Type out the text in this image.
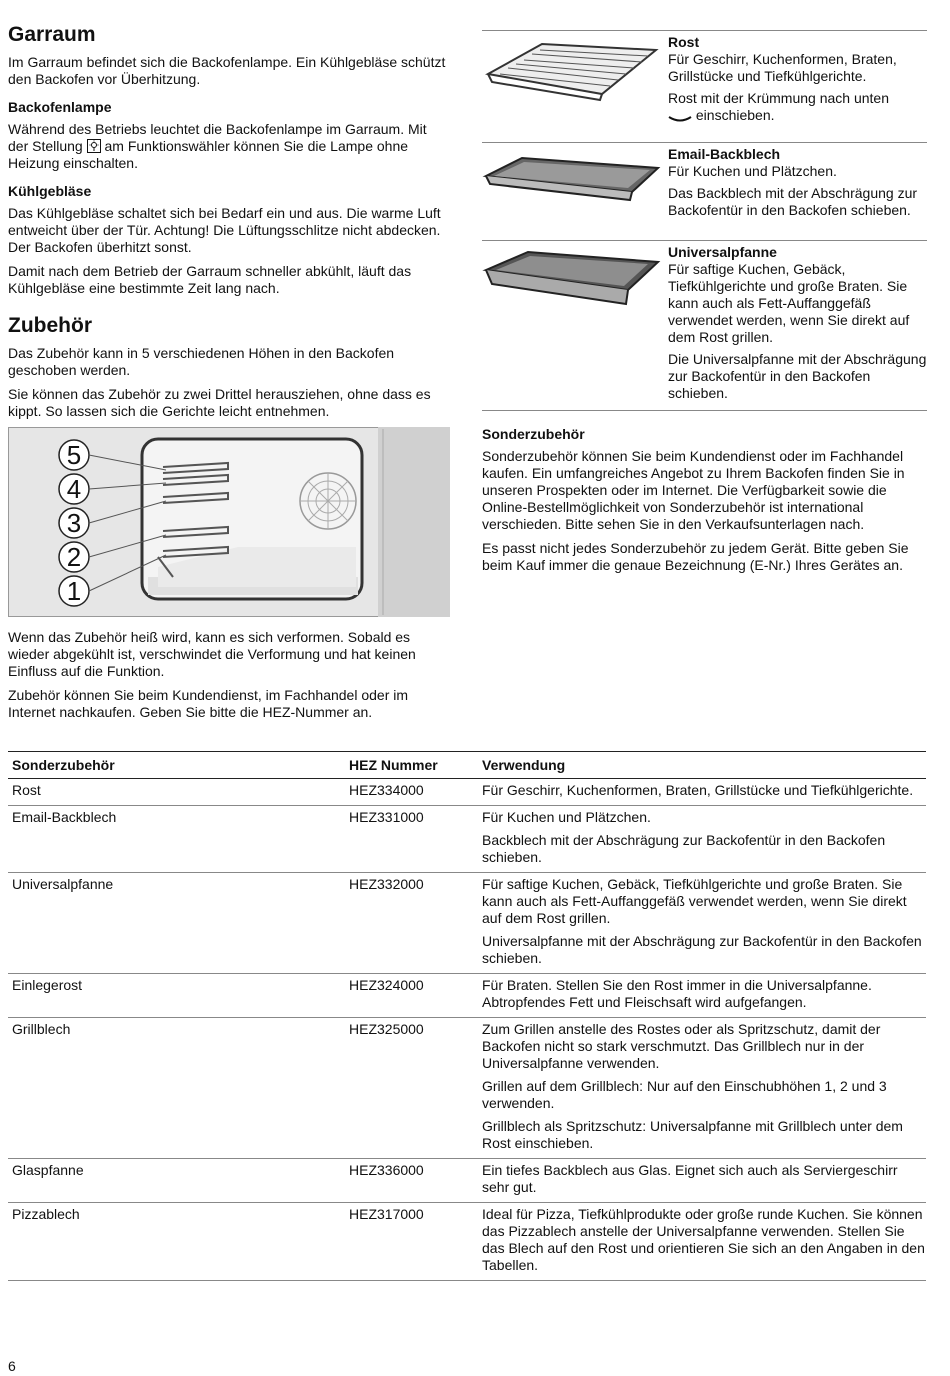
Garraum

Im Garraum befindet sich die Backofenlampe. Ein Kühlgebläse schützt den Backofen vor Überhitzung.

Backofenlampe

Während des Betriebs leuchtet die Backofenlampe im Garraum. Mit der Stellung am Funktionswähler können Sie die Lampe ohne Heizung einschalten.

Kühlgebläse

Das Kühlgebläse schaltet sich bei Bedarf ein und aus. Die warme Luft entweicht über der Tür. Achtung! Die Lüftungsschlitze nicht abdecken. Der Backofen überhitzt sonst.

Damit nach dem Betrieb der Garraum schneller abkühlt, läuft das Kühlgebläse eine bestimmte Zeit lang nach.

Zubehör

Das Zubehör kann in 5 verschiedenen Höhen in den Backofen geschoben werden.

Sie können das Zubehör zu zwei Drittel herausziehen, ohne dass es kippt. So lassen sich die Gerichte leicht entnehmen.

5
4
3
2
1

Wenn das Zubehör heiß wird, kann es sich verformen. Sobald es wieder abgekühlt ist, verschwindet die Verformung und hat keinen Einfluss auf die Funktion.

Zubehör können Sie beim Kundendienst, im Fachhandel oder im Internet nachkaufen. Geben Sie bitte die HEZ-Nummer an.

Rost

Für Geschirr, Kuchenformen, Braten, Grillstücke und Tiefkühlgerichte.

Rost mit der Krümmung nach unten
einschieben.

Email-Backblech

Für Kuchen und Plätzchen.

Das Backblech mit der Abschrägung zur Backofentür in den Backofen schieben.

Universalpfanne

Für saftige Kuchen, Gebäck, Tiefkühlgerichte und große Braten. Sie kann auch als Fett-Auffanggefäß verwendet werden, wenn Sie direkt auf dem Rost grillen.

Die Universalpfanne mit der Abschrägung zur Backofentür in den Backofen schieben.

Sonderzubehör

Sonderzubehör können Sie beim Kundendienst oder im Fachhandel kaufen. Ein umfangreiches Angebot zu Ihrem Backofen finden Sie in unseren Prospekten oder im Internet. Die Verfügbarkeit sowie die Online-Bestellmöglichkeit von Sonderzubehör ist international verschieden. Bitte sehen Sie in den Verkaufsunterlagen nach.

Es passt nicht jedes Sonderzubehör zu jedem Gerät. Bitte geben Sie beim Kauf immer die genaue Bezeichnung (E-Nr.) Ihres Gerätes an.

Sonderzubehör	HEZ Nummer	Verwendung
Rost	HEZ334000	Für Geschirr, Kuchenformen, Braten, Grillstücke und Tiefkühlgerichte.

Email-Backblech	HEZ331000	Für Kuchen und Plätzchen.

Backblech mit der Abschrägung zur Backofentür in den Backofen schieben.

Universalpfanne	HEZ332000	Für saftige Kuchen, Gebäck, Tiefkühlgerichte und große Braten. Sie kann auch als Fett-Auffanggefäß verwendet werden, wenn Sie direkt auf dem Rost grillen.

Universalpfanne mit der Abschrägung zur Backofentür in den Backofen schieben.

Einlegerost	HEZ324000	Für Braten. Stellen Sie den Rost immer in die Universalpfanne. Abtropfendes Fett und Fleischsaft wird aufgefangen.

Grillblech	HEZ325000	Zum Grillen anstelle des Rostes oder als Spritzschutz, damit der Backofen nicht so stark verschmutzt. Das Grillblech nur in der Universalpfanne verwenden.

Grillen auf dem Grillblech: Nur auf den Einschubhöhen 1, 2 und 3 verwenden.

Grillblech als Spritzschutz: Universalpfanne mit Grillblech unter dem Rost einschieben.

Glaspfanne	HEZ336000	Ein tiefes Backblech aus Glas. Eignet sich auch als Serviergeschirr sehr gut.

Pizzablech	HEZ317000	Ideal für Pizza, Tiefkühlprodukte oder große runde Kuchen. Sie können das Pizzablech anstelle der Universalpfanne verwenden. Stellen Sie das Blech auf den Rost und orientieren Sie sich an den Angaben in den Tabellen.

6
